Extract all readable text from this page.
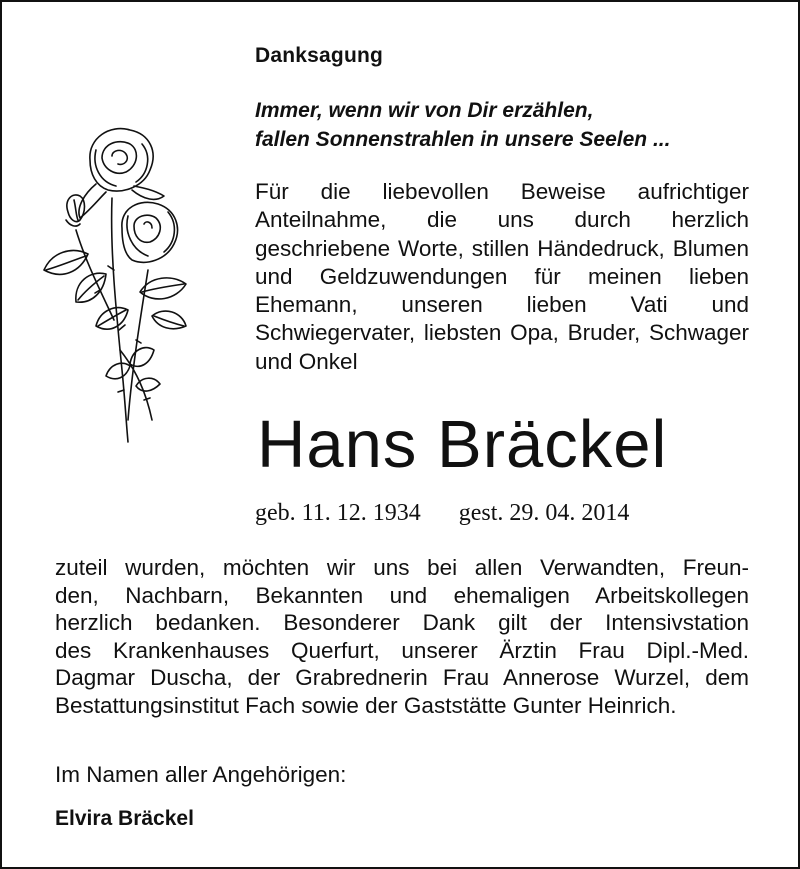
Danksagung
Immer, wenn wir von Dir erzählen,
fallen Sonnenstrahlen in unsere Seelen ...
Für die liebevollen Beweise aufrichtiger Anteilnahme, die uns durch herzlich geschriebene Worte, stillen Händedruck, Blumen und Geldzuwendungen für meinen lieben Ehemann, unseren lieben Vati und Schwiegervater, liebsten Opa, Bruder, Schwager und Onkel
Hans Bräckel
geb. 11. 12. 1934 gest. 29. 04. 2014
zuteil wurden, möchten wir uns bei allen Verwandten, Freun-
den, Nachbarn, Bekannten und ehemaligen Arbeitskollegen
herzlich bedanken. Besonderer Dank gilt der Intensivstation
des Krankenhauses Querfurt, unserer Ärztin Frau Dipl.-Med.
Dagmar Duscha, der Grabrednerin Frau Annerose Wurzel, dem
Bestattungsinstitut Fach sowie der Gaststätte Gunter Heinrich.
Im Namen aller Angehörigen:
Elvira Bräckel
